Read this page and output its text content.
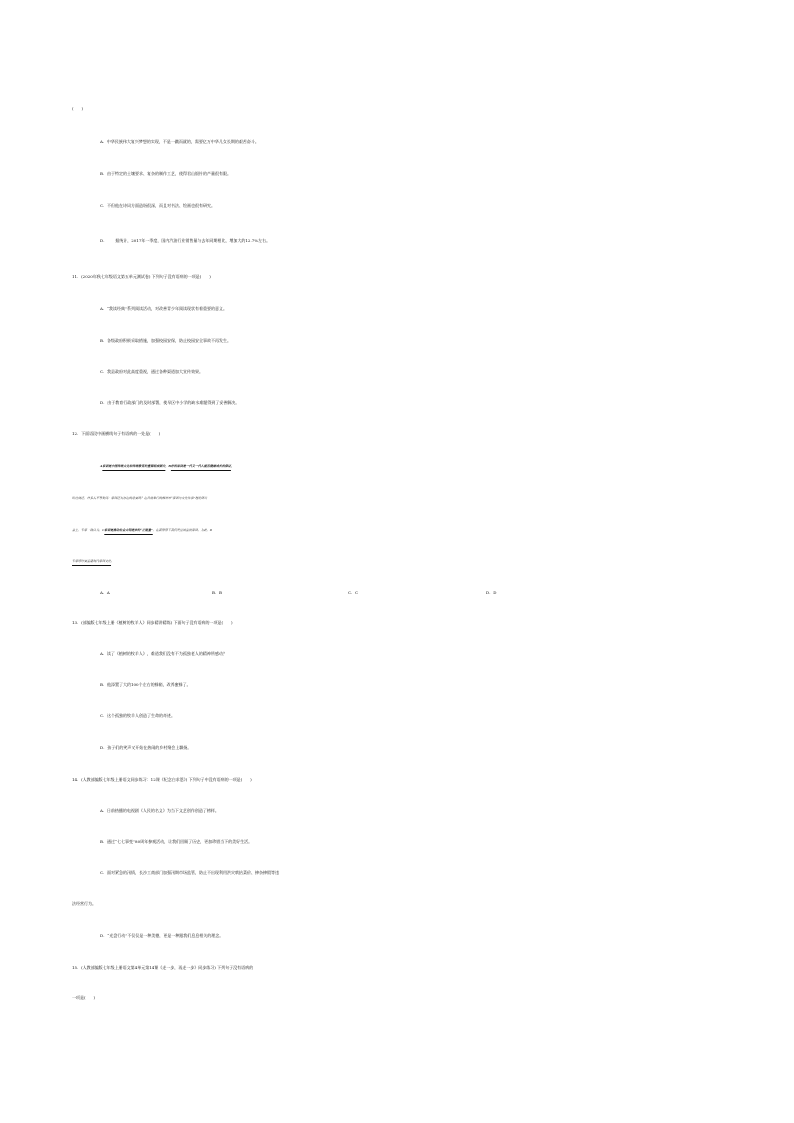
(　　)
A．中华民族伟大复兴梦想的实现，不是一蹴而就的，需要亿万中华儿女长期的艰苦奋斗。
B．由于特定的土壤要求、复杂的制作工艺，使得君山银针的产量很有限。
C．不但他在诗词方面造诣很深，而且对书法、绘画也很有研究。
D．　　据统计，2017年一季度，国内汽油行业销售量与去年同期相比，增加大约12.7%左右。
11．(2020年秋七年级语文第五单元测试卷) 下列句子没有语病的一项是(　　)
A．“我读经典”系列阅读活动，对改善青少年阅读现状有着重要的意义。
B．各级政府积极采取措施，加强校园安保，防止校园安全事故不再发生。
C．我县政府对此高度重视，通过各种渠道加大宣传效果。
D．由于教育行政部门的及时部署，使旱区中小学的缺水难题得到了妥善解决。
12．下面语段中画横线句子有语病的一处是(　　)
A家训是中国传统文化和传统教育的重要组成部分，B好的家训是一代又一代人能否健康成长的保证，
时过境迁，许多人不禁发问：家训还有存在的必要吗？在日前举行的郴州市“家训与文化传承”理论研讨
会上，专家一致认为，C家训是推动社会文明进步的“正能量”，在新形势下我们更应该重视家训。为此，D
专家呼吁要重建现代家训文化。
A．A	B．B	C．C	D．D
13．(部编版七年级上册《植树的牧羊人》同步精讲精练) 下面句子没有语病的一项是(　　)
A．读了《植树的牧羊人》，难道我们没有不为孤独老人的精神所感动？
B．他添置了大约100个左右的蜂箱，改养蜜蜂了。
C．这个孤独的牧羊人创造了生命的奇迹。
D．孩子们的笑声又开始在热闹的乡村聚会上飘扬。
14．(人教部编版七年级上册语文同步练习：12课《纪念白求恩》) 下列句子中没有语病的一项是(　　)
A．日前热播的电视剧《人民的名义》为当下文艺创作创造了榜样。
B．通过“七七事变”80周年参观活动，让我们回顾了历史，更加珍惜当下的美好生活。
C．面对紧急的汛情，长沙工商部门加强汛期市场监管，防止不出现利用洪灾哄抬菜价、掺杂掺假等违
法经营行为。
D．“光盘行动”不仅仅是一种美德，更是一种跟我们息息相关的理念。
15．(人教部编版七年级上册语文第4单元第14课《走一步，再走一步》同步练习) 下列句子没有语病的
一项是(　　)
